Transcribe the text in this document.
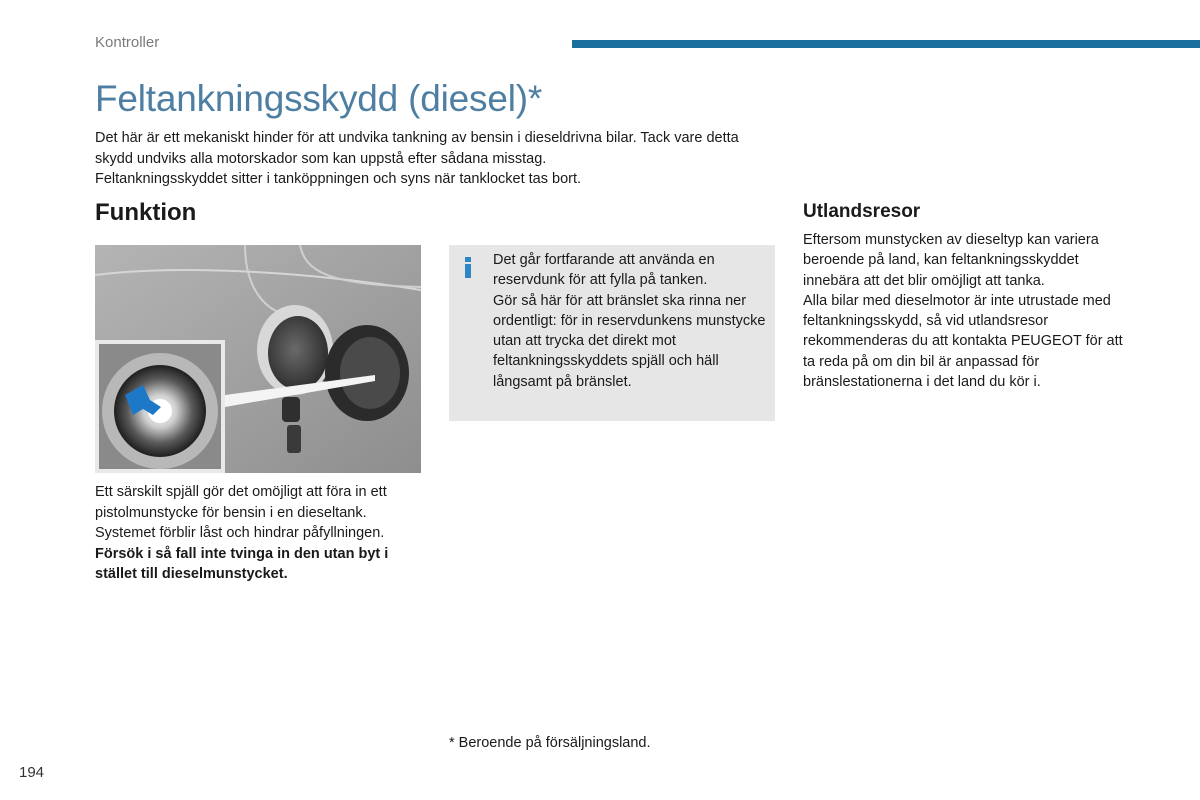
Kontroller
Feltankningsskydd (diesel)*

Det här är ett mekaniskt hinder för att undvika tankning av bensin i dieseldrivna bilar. Tack vare detta skydd undviks alla motorskador som kan uppstå efter sådana misstag.

Feltankningsskyddet sitter i tanköppningen och syns när tanklocket tas bort.

Funktion

Ett särskilt spjäll gör det omöjligt att föra in ett pistolmunstycke för bensin i en dieseltank.

Systemet förblir låst och hindrar påfyllningen.

Försök i så fall inte tvinga in den utan byt i stället till dieselmunstycket.

Det går fortfarande att använda en reservdunk för att fylla på tanken.

Gör så här för att bränslet ska rinna ner ordentligt: för in reservdunkens munstycke utan att trycka det direkt mot feltankningsskyddets spjäll och häll långsamt på bränslet.

Utlandsresor

Eftersom munstycken av dieseltyp kan variera beroende på land, kan feltankningsskyddet innebära att det blir omöjligt att tanka.

Alla bilar med dieselmotor är inte utrustade med feltankningsskydd, så vid utlandsresor rekommenderas du att kontakta PEUGEOT för att ta reda på om din bil är anpassad för bränslestationerna i det land du kör i.

* Beroende på försäljningsland.
194
